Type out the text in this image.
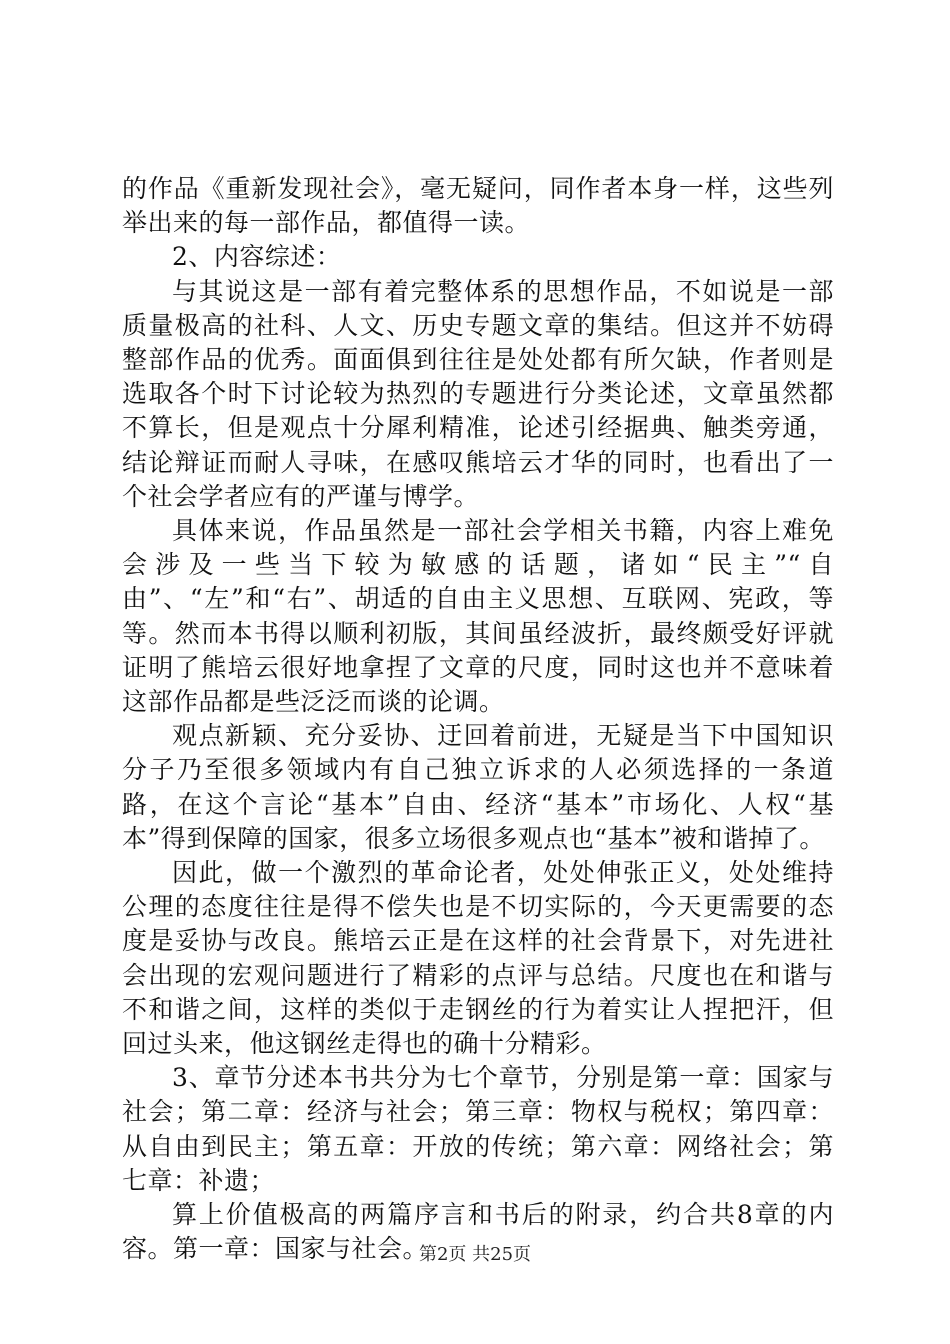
的作品《重新发现社会》，毫无疑问，同作者本身一样，这些列举出来的每一部作品，都值得一读。

2、内容综述：

与其说这是一部有着完整体系的思想作品，不如说是一部质量极高的社科、人文、历史专题文章的集结。但这并不妨碍整部作品的优秀。面面俱到往往是处处都有所欠缺，作者则是选取各个时下讨论较为热烈的专题进行分类论述，文章虽然都不算长，但是观点十分犀利精准，论述引经据典、触类旁通，结论辩证而耐人寻味，在感叹熊培云才华的同时，也看出了一个社会学者应有的严谨与博学。

具体来说，作品虽然是一部社会学相关书籍，内容上难免会涉及一些当下较为敏感的话题，诸如“民主”“自由”、“左”和“右”、胡适的自由主义思想、互联网、宪政，等等。然而本书得以顺利初版，其间虽经波折，最终颇受好评就证明了熊培云很好地拿捏了文章的尺度，同时这也并不意味着这部作品都是些泛泛而谈的论调。

观点新颖、充分妥协、迂回着前进，无疑是当下中国知识分子乃至很多领域内有自己独立诉求的人必须选择的一条道路，在这个言论“基本”自由、经济“基本”市场化、人权“基本”得到保障的国家，很多立场很多观点也“基本”被和谐掉了。

因此，做一个激烈的革命论者，处处伸张正义，处处维持公理的态度往往是得不偿失也是不切实际的，今天更需要的态度是妥协与改良。熊培云正是在这样的社会背景下，对先进社会出现的宏观问题进行了精彩的点评与总结。尺度也在和谐与不和谐之间，这样的类似于走钢丝的行为着实让人捏把汗，但回过头来，他这钢丝走得也的确十分精彩。

3、章节分述本书共分为七个章节，分别是第一章：国家与社会；第二章：经济与社会；第三章：物权与税权；第四章：从自由到民主；第五章：开放的传统；第六章：网络社会；第七章：补遗；

算上价值极高的两篇序言和书后的附录，约合共8章的内容。第一章：国家与社会。

第2页 共25页
